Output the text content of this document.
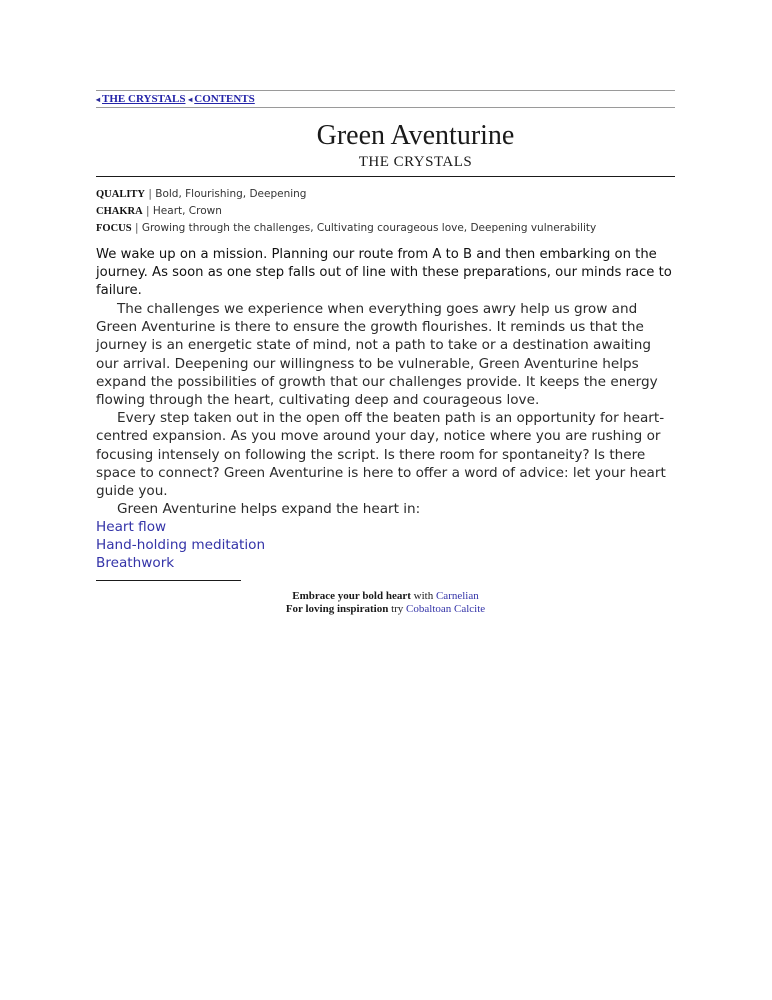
◂ THE CRYSTALS ◂ CONTENTS
Green Aventurine
THE CRYSTALS
QUALITY | Bold, Flourishing, Deepening
CHAKRA | Heart, Crown
FOCUS | Growing through the challenges, Cultivating courageous love, Deepening vulnerability
We wake up on a mission. Planning our route from A to B and then embarking on the journey. As soon as one step falls out of line with these preparations, our minds race to failure.
The challenges we experience when everything goes awry help us grow and Green Aventurine is there to ensure the growth flourishes. It reminds us that the journey is an energetic state of mind, not a path to take or a destination awaiting our arrival. Deepening our willingness to be vulnerable, Green Aventurine helps expand the possibilities of growth that our challenges provide. It keeps the energy flowing through the heart, cultivating deep and courageous love.
Every step taken out in the open off the beaten path is an opportunity for heart-centred expansion. As you move around your day, notice where you are rushing or focusing intensely on following the script. Is there room for spontaneity? Is there space to connect? Green Aventurine is here to offer a word of advice: let your heart guide you.
Green Aventurine helps expand the heart in:
Heart flow
Hand-holding meditation
Breathwork
Embrace your bold heart with Carnelian
For loving inspiration try Cobaltoan Calcite
